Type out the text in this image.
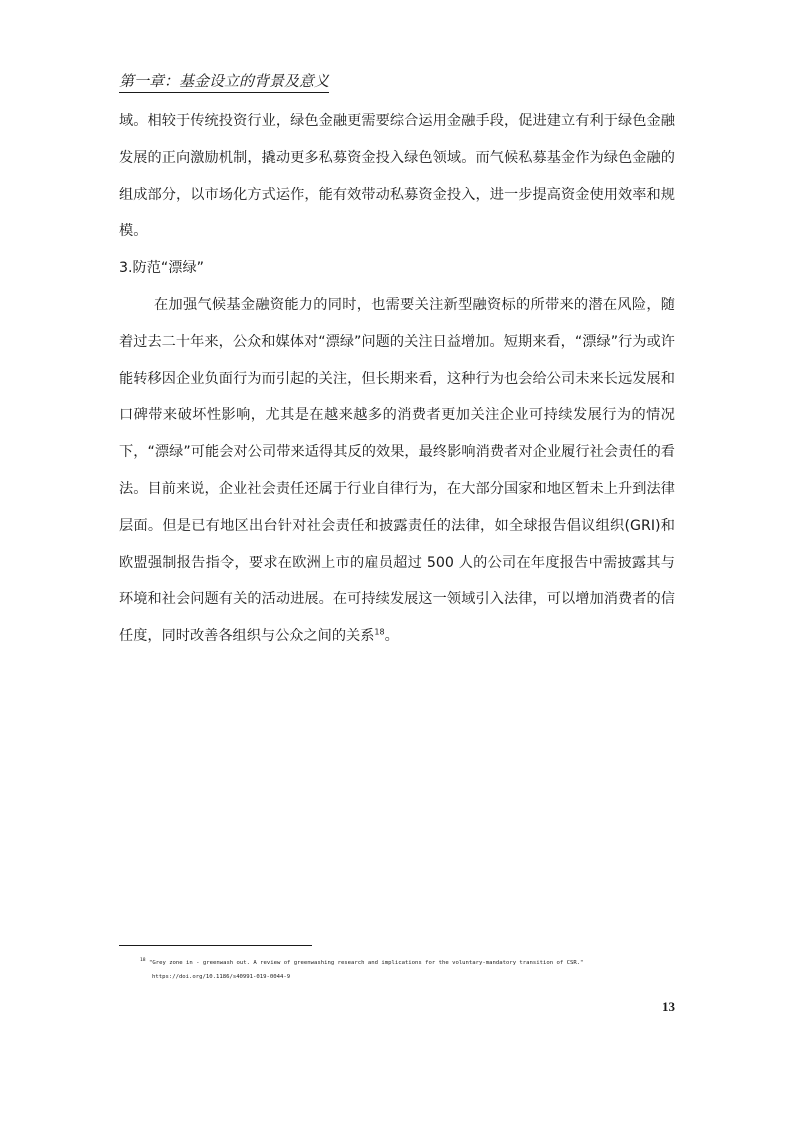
第一章：基金设立的背景及意义

域。相较于传统投资行业，绿色金融更需要综合运用金融手段，促进建立有利于绿色金融发展的正向激励机制，撬动更多私募资金投入绿色领域。而气候私募基金作为绿色金融的组成部分，以市场化方式运作，能有效带动私募资金投入，进一步提高资金使用效率和规模。

3.防范“漂绿”

在加强气候基金融资能力的同时，也需要关注新型融资标的所带来的潜在风险，随着过去二十年来，公众和媒体对“漂绿”问题的关注日益增加。短期来看，“漂绿”行为或许能转移因企业负面行为而引起的关注，但长期来看，这种行为也会给公司未来长远发展和口碑带来破坏性影响，尤其是在越来越多的消费者更加关注企业可持续发展行为的情况下，“漂绿”可能会对公司带来适得其反的效果，最终影响消费者对企业履行社会责任的看法。目前来说，企业社会责任还属于行业自律行为，在大部分国家和地区暂未上升到法律层面。但是已有地区出台针对社会责任和披露责任的法律，如全球报告倡议组织(GRI)和欧盟强制报告指令，要求在欧洲上市的雇员超过 500 人的公司在年度报告中需披露其与环境和社会问题有关的活动进展。在可持续发展这一领域引入法律，可以增加消费者的信任度，同时改善各组织与公众之间的关系$^{18}$。

$^{18}$ "Grey zone in - greenwash out. A review of greenwashing research and implications for the voluntary-mandatory transition of CSR."
https://doi.org/10.1186/s40991-019-0044-9
13
